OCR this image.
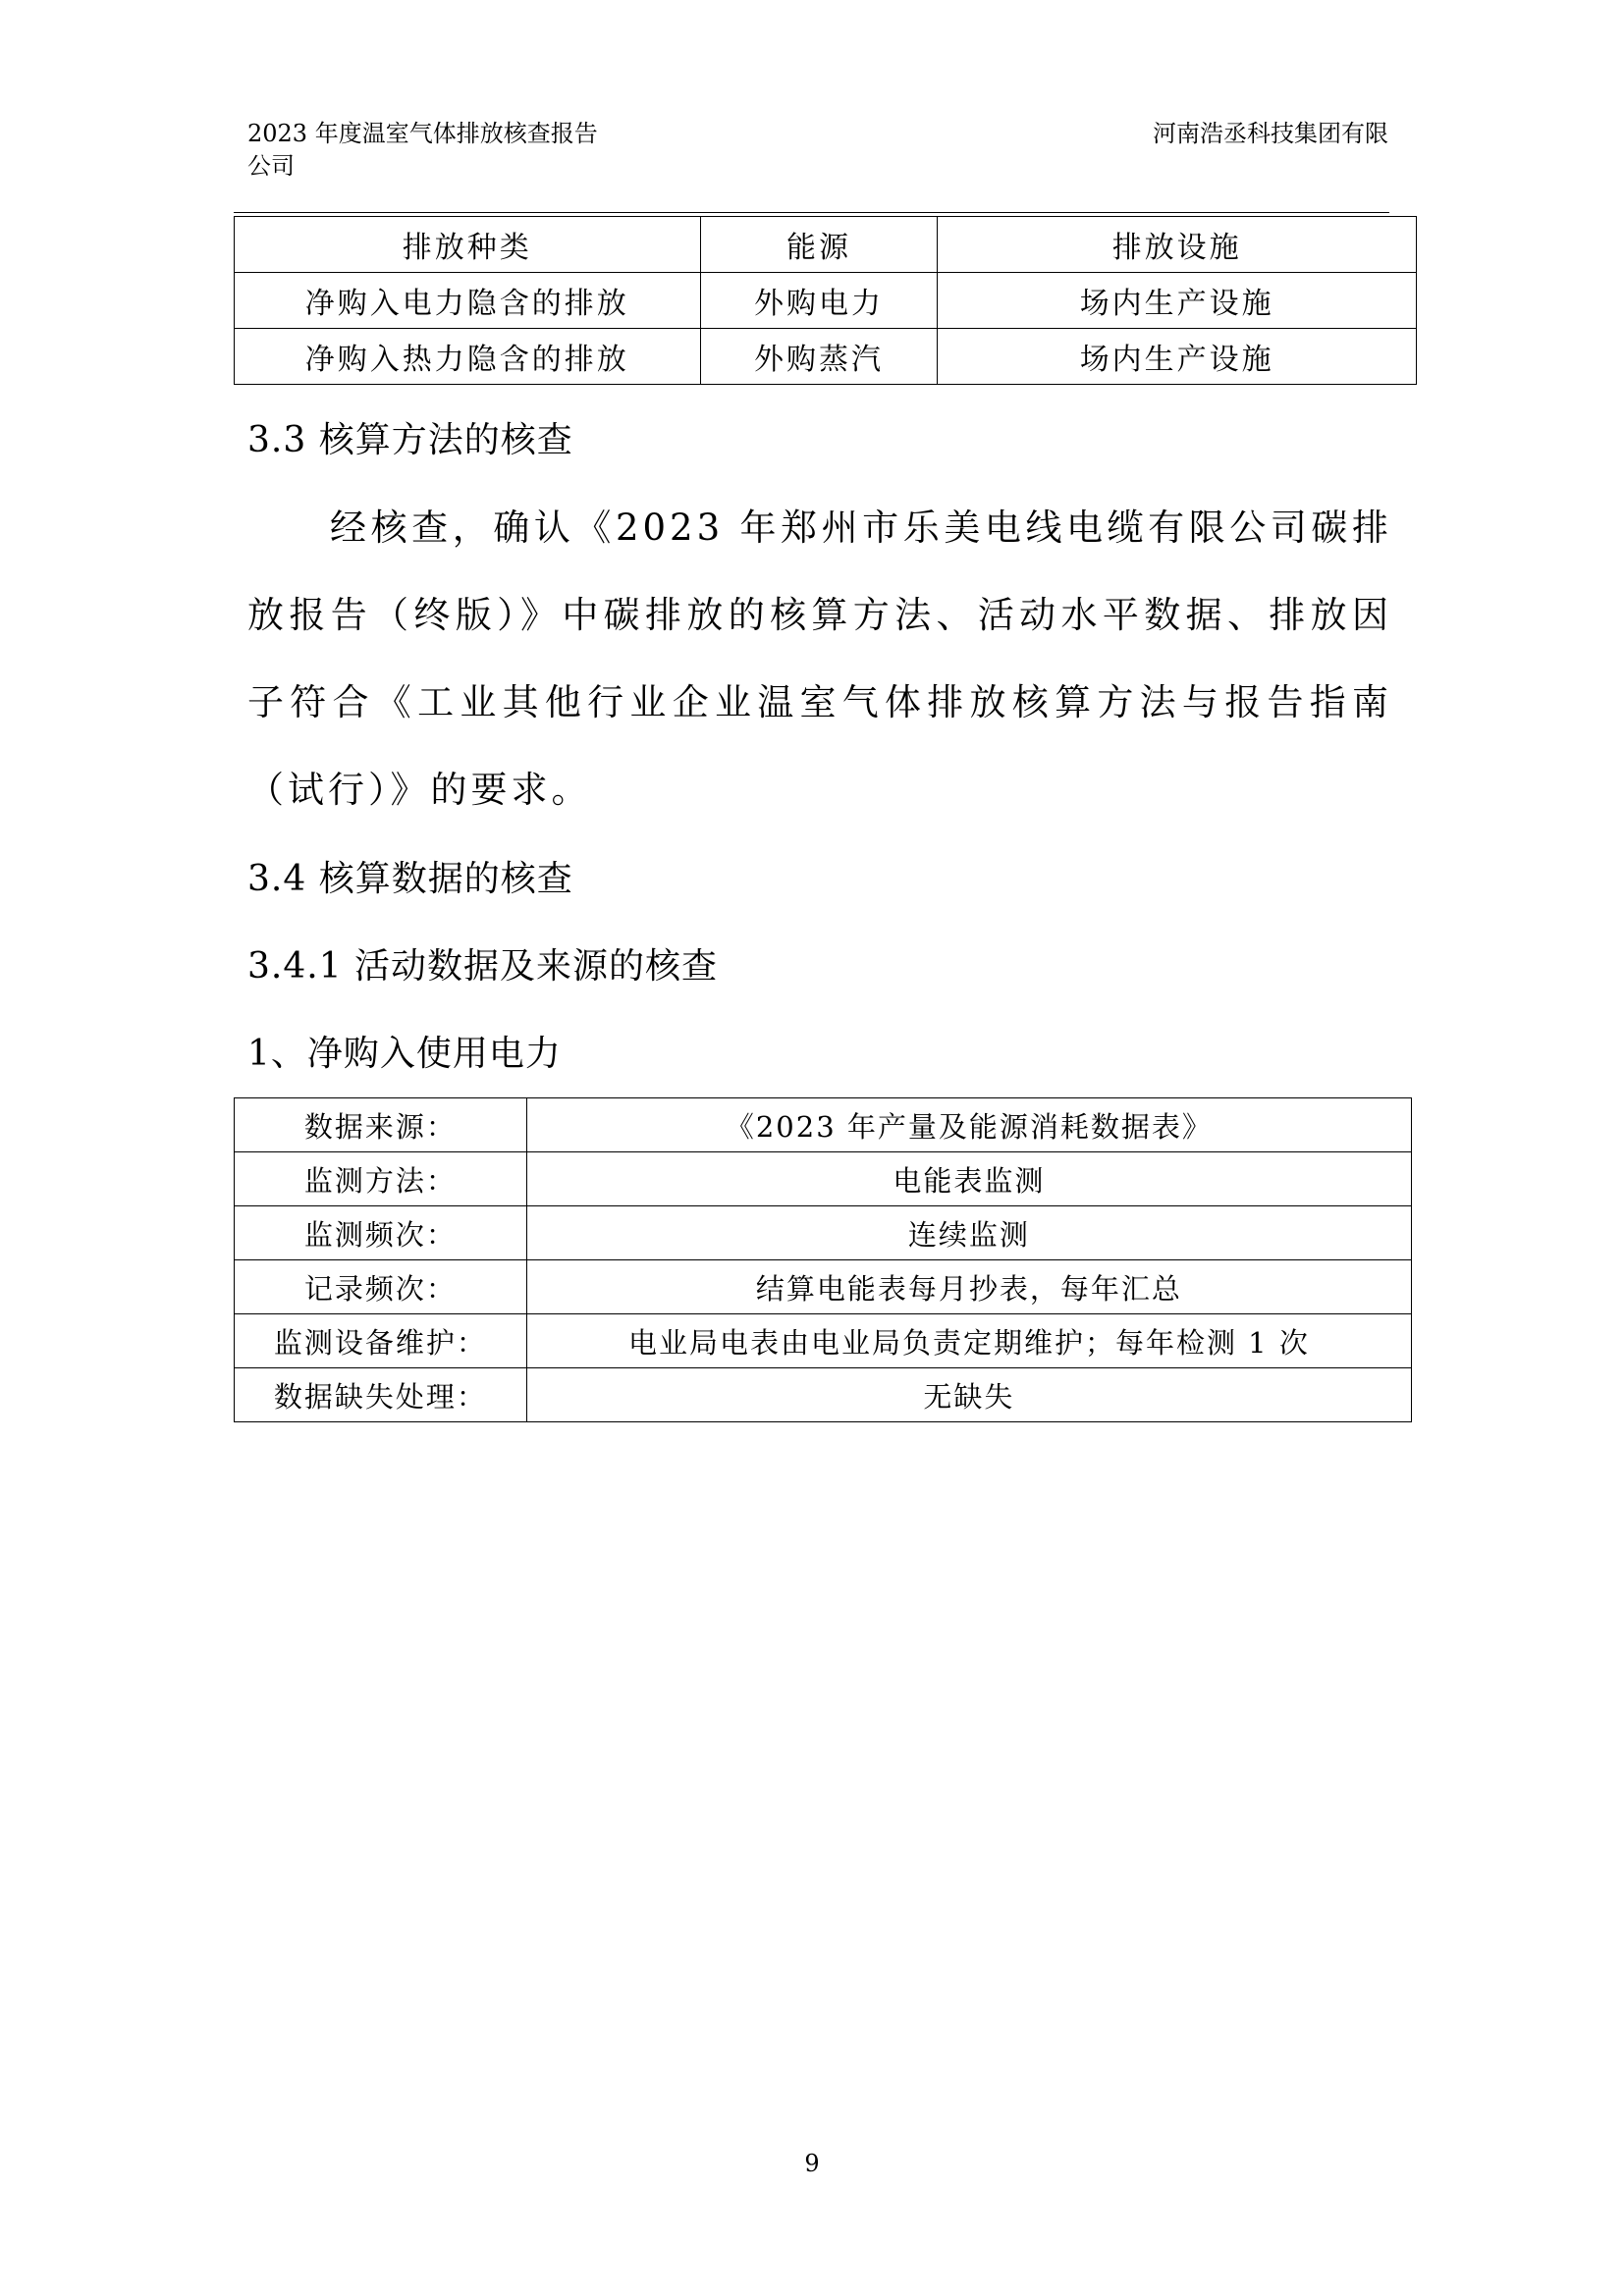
2023 年度温室气体排放核查报告
公司
河南浩丞科技集团有限
排放种类	能源	排放设施
净购入电力隐含的排放	外购电力	场内生产设施
净购入热力隐含的排放	外购蒸汽	场内生产设施
3.3 核算方法的核查
经核查，确认《2023 年郑州市乐美电线电缆有限公司碳排放报告（终版）》中碳排放的核算方法、活动水平数据、排放因子符合《工业其他行业企业温室气体排放核算方法与报告指南（试行）》的要求。
3.4 核算数据的核查
3.4.1 活动数据及来源的核查
1、净购入使用电力
数据来源：	《2023 年产量及能源消耗数据表》
监测方法：	电能表监测
监测频次：	连续监测
记录频次：	结算电能表每月抄表，每年汇总
监测设备维护：	电业局电表由电业局负责定期维护；每年检测 1 次
数据缺失处理：	无缺失
9
